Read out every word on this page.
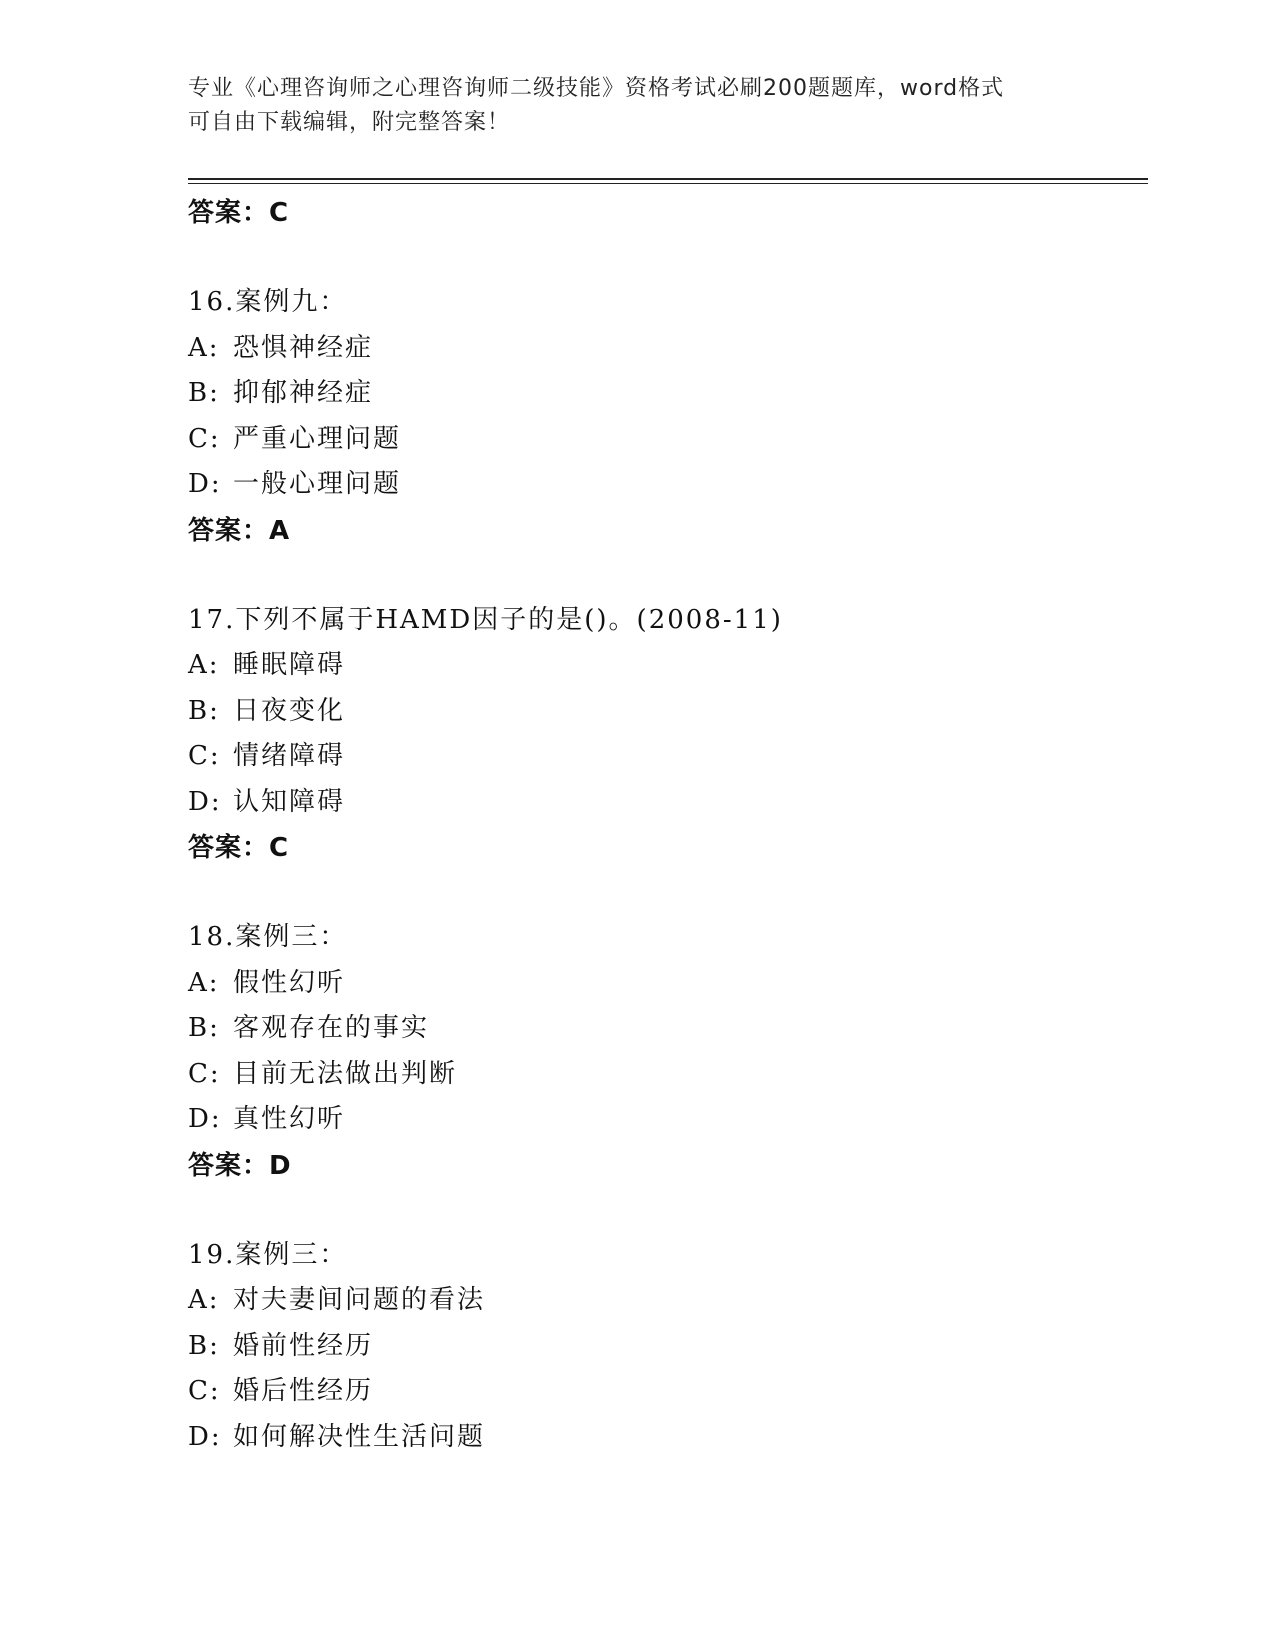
专业《心理咨询师之心理咨询师二级技能》资格考试必刷200题题库，word格式
可自由下载编辑，附完整答案！
答案：C
16.案例九：
A: 恐惧神经症
B: 抑郁神经症
C: 严重心理问题
D: 一般心理问题
答案：A
17.下列不属于HAMD因子的是()。(2008-11)
A: 睡眠障碍
B: 日夜变化
C: 情绪障碍
D: 认知障碍
答案：C
18.案例三：
A: 假性幻听
B: 客观存在的事实
C: 目前无法做出判断
D: 真性幻听
答案：D
19.案例三：
A: 对夫妻间问题的看法
B: 婚前性经历
C: 婚后性经历
D: 如何解决性生活问题
